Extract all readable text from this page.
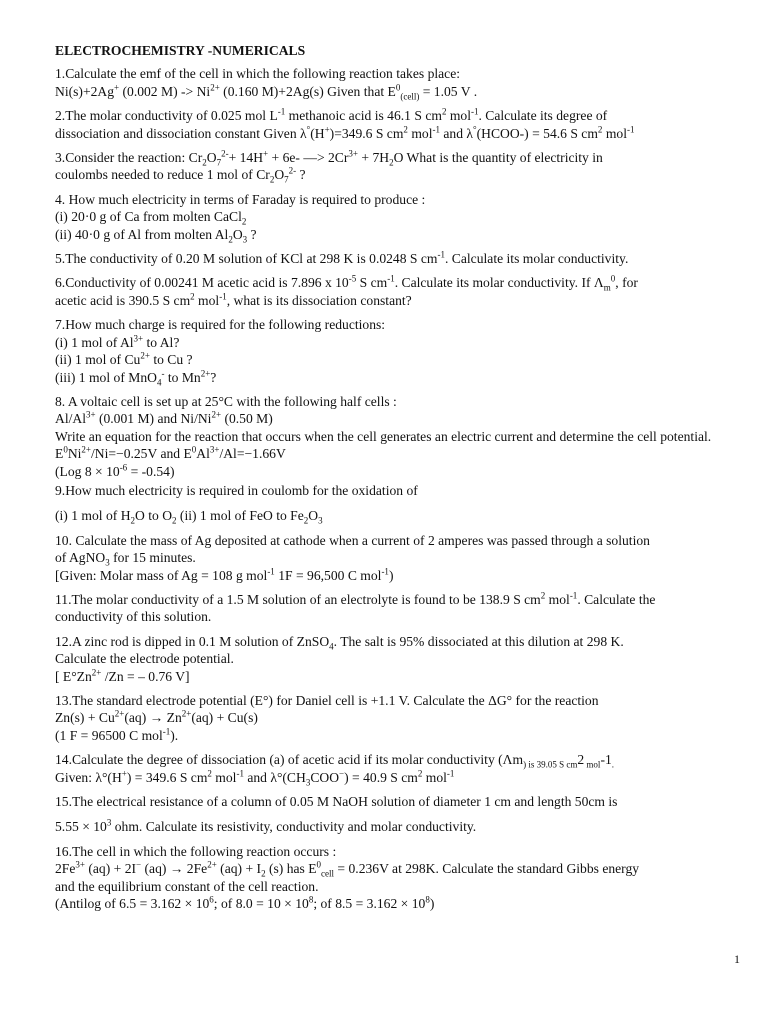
ELECTROCHEMISTRY -NUMERICALS

1.Calculate the emf of the cell in which the following reaction takes place:

Ni(s)+2Ag+ (0.002 $M) -> Ni^{2+}$ (0.160 M)+2Ag(s) Given that $E^0_{(cell)} = 1.05$ V .

2.The molar conductivity of 0.025 mol $L^{-1}$ methanoic acid is 46.1 S $cm^2$ mol$^{-1}$. Calculate its degree of

dissociation and dissociation constant Given λ°(H+)=349.6 S $cm^2$ mol$^{-1}$ and λ°(HCOO-) = 54.6 S $cm^2$ mol$^{-1}$

3.Consider the reaction: $Cr_2O_7^{2-}+ 14H^+ + 6e-$ —> $2Cr^{3+} + 7H_2O$ What is the quantity of electricity in

coulombs needed to reduce 1 mol of $Cr_2O_7^{2-}$ ?

4. How much electricity in terms of Faraday is required to produce :

(i) 20·0 g of Ca from molten CaCl$_2$

(ii) 40·0 g of Al from molten $Al_2O_3$ ?

5.The conductivity of 0.20 M solution of KCl at 298 K is 0.0248 S $cm^{-1}$. Calculate its molar conductivity.

6.Conductivity of 0.00241 M acetic acid is 7.896 x $10^{-5}$ S $cm^{-1}$. Calculate its molar conductivity. If $\Lambda_m^0$, for

acetic acid is 390.5 S $cm^2$ mol$^{-1}$, what is its dissociation constant?

7.How much charge is required for the following reductions:

(i) 1 mol of $Al^{3+}$ to Al?

(ii) 1 mol of $Cu^{2+}$ to Cu ?

(iii) 1 mol of MnO$_4$- to $Mn^{2+}$?

8. A voltaic cell is set up at 25°C with the following half cells :

$Al/Al^{3+}$ (0.001 M) and $Ni/Ni^{2+}$ (0.50 M)

Write an equation for the reaction that occurs when the cell generates an electric current and determine the cell potential.

$E^0Ni^{2+}/Ni=-0.25V$ and $E^0Al^{3+}/Al=-1.66V$

(Log $8 \times 10^{-6} = -0.54$)

9.How much electricity is required in coulomb for the oxidation of

(i) 1 mol of $H_2O$ to $O_2$ (ii) 1 mol of FeO to $Fe_2O_3$

10. Calculate the mass of Ag deposited at cathode when a current of 2 amperes was passed through a solution

of AgNO$_3$ for 15 minutes.

[Given: Molar mass of Ag = 108 g mol$^{-1}$ 1F = 96,500 C mol$^{-1}$)

11.The molar conductivity of a 1.5 M solution of an electrolyte is found to be 138.9 S $cm^2$ mol$^{-1}$. Calculate the

conductivity of this solution.

12.A zinc rod is dipped in 0.1 M solution of ZnSO$_4$. The salt is 95% dissociated at this dilution at 298 K.

Calculate the electrode potential.

[ $E^\circ Zn^{2+}$ /Zn = – 0.76 V]

13.The standard electrode potential (E°) for Daniel cell is +1.1 V. Calculate the ΔG° for the reaction

$Zn(s) + Cu^{2+}(aq) \to Zn^{2+}(aq) + Cu(s)$

(1 F = 96500 C mol$^{-1}$).

14.Calculate the degree of dissociation (a) of acetic acid if its molar conductivity ($\Lambda m_{) is 39.05 S cm}2$ $_{mol}-1_.$

Given: λ°(H+) = 349.6 S $cm^2$ mol$^{-1}$ and $\lambda^\circ(CH_3COO^-) = 40.9$ S $cm^2$ mol$^{-1}$

15.The electrical resistance of a column of 0.05 M NaOH solution of diameter 1 cm and length 50cm is

$5.55 \times 10^3$ ohm. Calculate its resistivity, conductivity and molar conductivity.

16.The cell in which the following reaction occurs :

$2Fe^{3+}$ (aq) + 2I− $(aq) \to 2Fe^{2+}$ $(aq) + I_2$ (s) has $E^0_{cell} = 0.236V$ at 298K. Calculate the standard Gibbs energy

and the equilibrium constant of the cell reaction.

(Antilog of $6.5 = 3.162 \times 10^6$; of $8.0 = 10 \times 10^8$; of $8.5 = 3.162 \times 10^8$)

1
